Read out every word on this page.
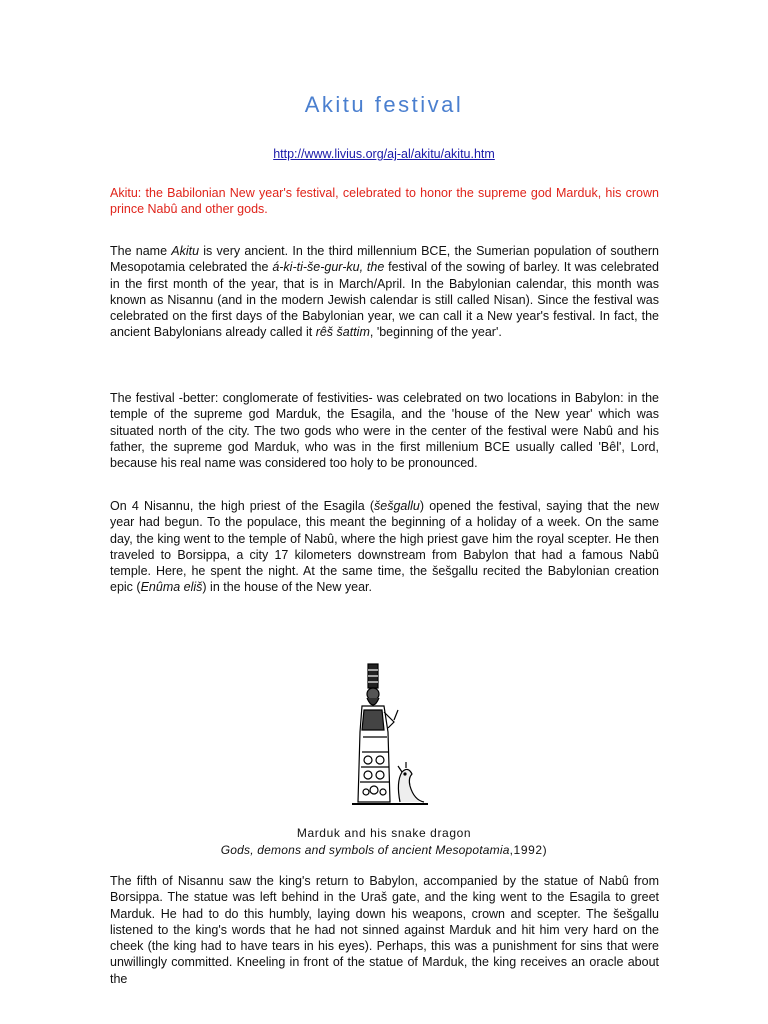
Akitu festival
http://www.livius.org/aj-al/akitu/akitu.htm

Akitu: the Babilonian New year's festival, celebrated to honor the supreme god Marduk, his crown prince Nabû and other gods.

The name Akitu is very ancient. In the third millennium BCE, the Sumerian population of southern Mesopotamia celebrated the á-ki-ti-še-gur-ku, the festival of the sowing of barley. It was celebrated in the first month of the year, that is in March/April. In the Babylonian calendar, this month was known as Nisannu (and in the modern Jewish calendar is still called Nisan). Since the festival was celebrated on the first days of the Babylonian year, we can call it a New year's festival. In fact, the ancient Babylonians already called it rêš šattim, 'beginning of the year'.

The festival -better: conglomerate of festivities- was celebrated on two locations in Babylon: in the temple of the supreme god Marduk, the Esagila, and the 'house of the New year' which was situated north of the city. The two gods who were in the center of the festival were Nabû and his father, the supreme god Marduk, who was in the first millenium BCE usually called 'Bêl', Lord, because his real name was considered too holy to be pronounced.

On 4 Nisannu, the high priest of the Esagila (šešgallu) opened the festival, saying that the new year had begun. To the populace, this meant the beginning of a holiday of a week. On the same day, the king went to the temple of Nabû, where the high priest gave him the royal scepter. He then traveled to Borsippa, a city 17 kilometers downstream from Babylon that had a famous Nabû temple. Here, he spent the night. At the same time, the šešgallu recited the Babylonian creation epic (Enûma eliš) in the house of the New year.

Marduk and his snake dragon
Gods, demons and symbols of ancient Mesopotamia,1992)

The fifth of Nisannu saw the king's return to Babylon, accompanied by the statue of Nabû from Borsippa. The statue was left behind in the Uraš gate, and the king went to the Esagila to greet Marduk. He had to do this humbly, laying down his weapons, crown and scepter. The šešgallu listened to the king's words that he had not sinned against Marduk and hit him very hard on the cheek (the king had to have tears in his eyes). Perhaps, this was a punishment for sins that were unwillingly committed. Kneeling in front of the statue of Marduk, the king receives an oracle about the
